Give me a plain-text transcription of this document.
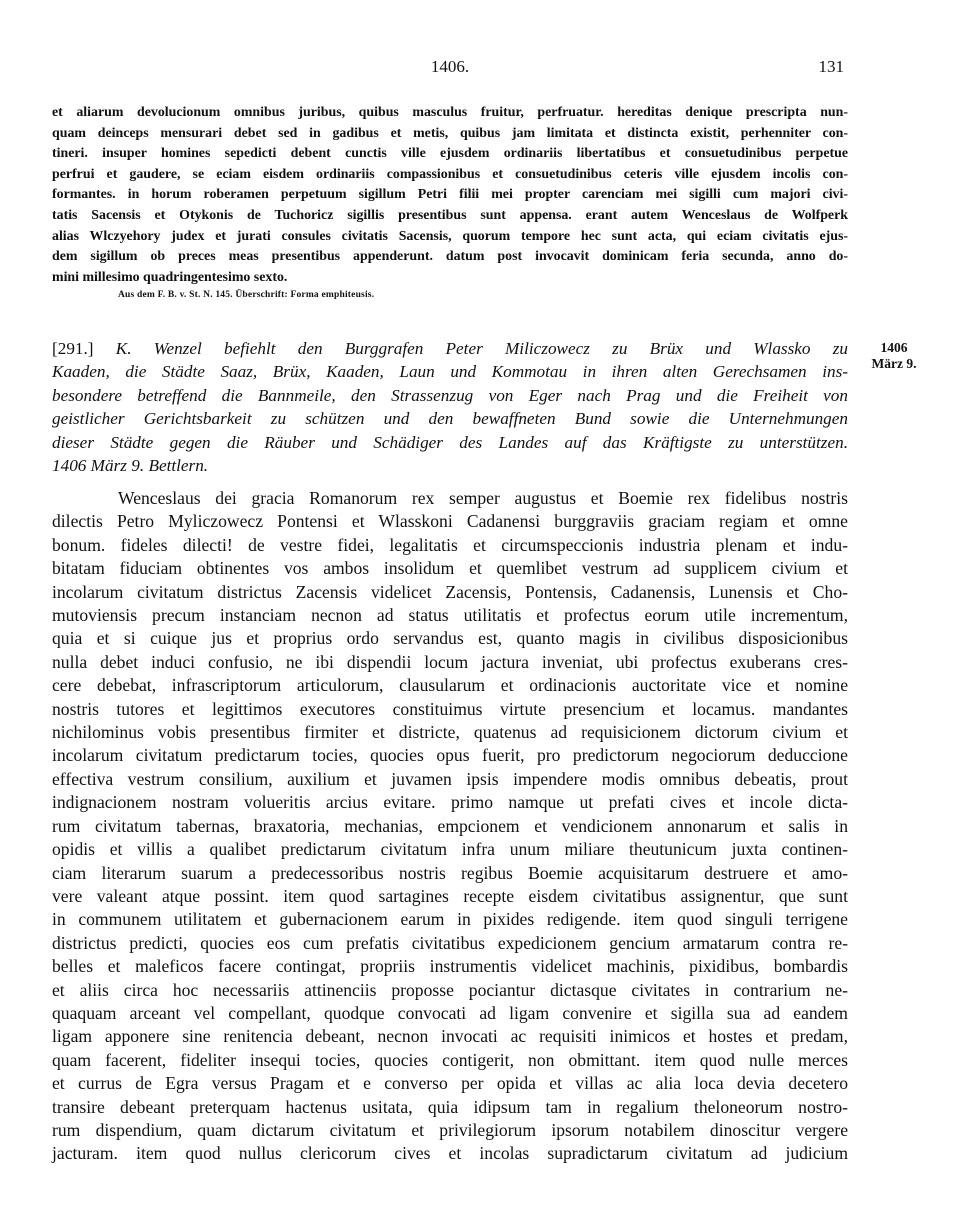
1406.	131
et aliarum devolucionum omnibus juribus, quibus masculus fruitur, perfruatur. hereditas denique prescripta nun-
quam deinceps mensurari debet sed in gadibus et metis, quibus jam limitata et distincta existit, perhenniter con-
tineri. insuper homines sepedicti debent cunctis ville ejusdem ordinariis libertatibus et consuetudinibus perpetue
perfrui et gaudere, se eciam eisdem ordinariis compassionibus et consuetudinibus ceteris ville ejusdem incolis con-
formantes. in horum roberamen perpetuum sigillum Petri filii mei propter carenciam mei sigilli cum majori civi-
tatis Sacensis et Otykonis de Tuchoricz sigillis presentibus sunt appensa. erant autem Wenceslaus de Wolfperk
alias Wlczyehory judex et jurati consules civitatis Sacensis, quorum tempore hec sunt acta, qui eciam civitatis ejus-
dem sigillum ob preces meas presentibus appenderunt. datum post invocavit dominicam feria secunda, anno do-
mini millesimo quadringentesimo sexto.
Aus dem F. B. v. St. N. 145. Überschrift: Forma emphiteusis.
[291.] K. Wenzel befiehlt den Burggrafen Peter Miliczowecz zu Brüx und Wlassko zu
Kaaden, die Städte Saaz, Brüx, Kaaden, Laun und Kommotau in ihren alten Gerechsamen ins-
besondere betreffend die Bannmeile, den Strassenzug von Eger nach Prag und die Freiheit von
geistlicher Gerichtsbarkeit zu schützen und den bewaffneten Bund sowie die Unternehmungen
dieser Städte gegen die Räuber und Schädiger des Landes auf das Kräftigste zu unterstützen.
1406 März 9. Bettlern.
1406
März 9.
Wenceslaus dei gracia Romanorum rex semper augustus et Boemie rex fidelibus nostris
dilectis Petro Myliczowecz Pontensi et Wlasskoni Cadanensi burggraviis graciam regiam et omne
bonum. fideles dilecti! de vestre fidei, legalitatis et circumspeccionis industria plenam et indu-
bitatam fiduciam obtinentes vos ambos insolidum et quemlibet vestrum ad supplicem civium et
incolarum civitatum districtus Zacensis videlicet Zacensis, Pontensis, Cadanensis, Lunensis et Cho-
mutoviensis precum instanciam necnon ad status utilitatis et profectus eorum utile incrementum,
quia et si cuique jus et proprius ordo servandus est, quanto magis in civilibus disposicionibus
nulla debet induci confusio, ne ibi dispendii locum jactura inveniat, ubi profectus exuberans cres-
cere debebat, infrascriptorum articulorum, clausularum et ordinacionis auctoritate vice et nomine
nostris tutores et legittimos executores constituimus virtute presencium et locamus. mandantes
nichilominus vobis presentibus firmiter et districte, quatenus ad requisicionem dictorum civium et
incolarum civitatum predictarum tocies, quocies opus fuerit, pro predictorum negociorum deduccione
effectiva vestrum consilium, auxilium et juvamen ipsis impendere modis omnibus debeatis, prout
indignacionem nostram volueritis arcius evitare. primo namque ut prefati cives et incole dicta-
rum civitatum tabernas, braxatoria, mechanias, empcionem et vendicionem annonarum et salis in
opidis et villis a qualibet predictarum civitatum infra unum miliare theutunicum juxta continen-
ciam literarum suarum a predecessoribus nostris regibus Boemie acquisitarum destruere et amo-
vere valeant atque possint. item quod sartagines recepte eisdem civitatibus assignentur, que sunt
in communem utilitatem et gubernacionem earum in pixides redigende. item quod singuli terrigene
districtus predicti, quocies eos cum prefatis civitatibus expedicionem gencium armatarum contra re-
belles et maleficos facere contingat, propriis instrumentis videlicet machinis, pixidibus, bombardis
et aliis circa hoc necessariis attinenciis proposse pociantur dictasque civitates in contrarium ne-
quaquam arceant vel compellant, quodque convocati ad ligam convenire et sigilla sua ad eandem
ligam apponere sine renitencia debeant, necnon invocati ac requisiti inimicos et hostes et predam,
quam facerent, fideliter insequi tocies, quocies contigerit, non obmittant. item quod nulle merces
et currus de Egra versus Pragam et e converso per opida et villas ac alia loca devia decetero
transire debeant preterquam hactenus usitata, quia idipsum tam in regalium theloneorum nostro-
rum dispendium, quam dictarum civitatum et privilegiorum ipsorum notabilem dinoscitur vergere
jacturam. item quod nullus clericorum cives et incolas supradictarum civitatum ad judicium
